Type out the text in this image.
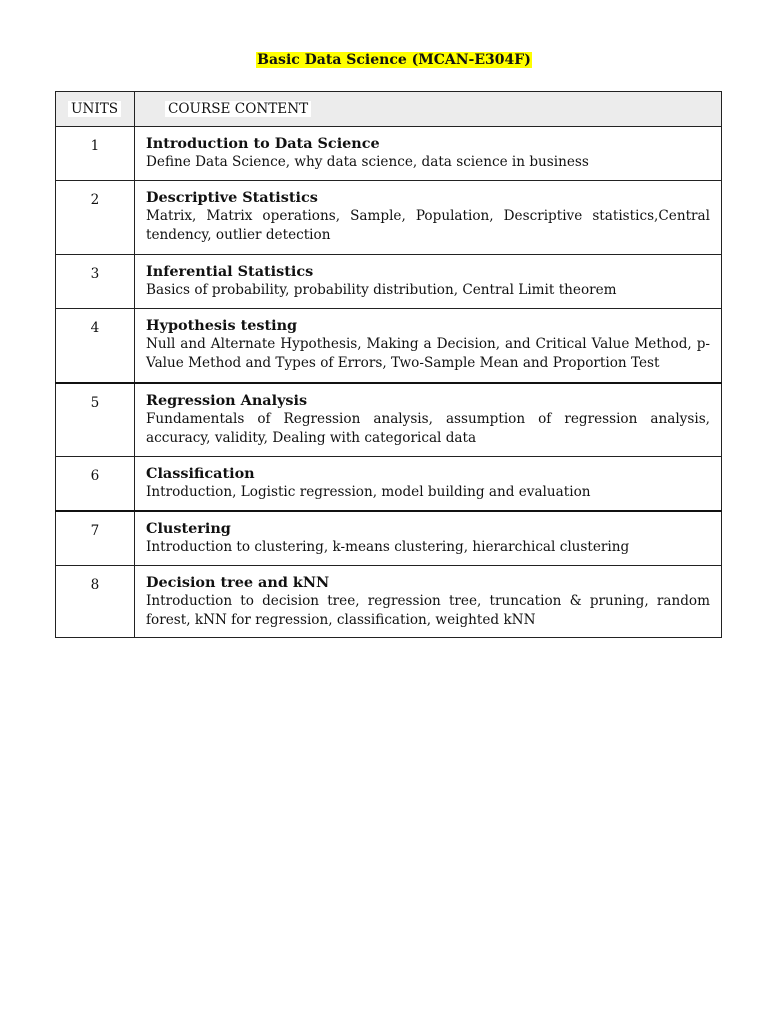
Basic Data Science (MCAN-E304F)
UNITS	COURSE CONTENT
1	Introduction to Data Science
Define Data Science, why data science, data science in business

2	Descriptive Statistics
Matrix, Matrix operations, Sample, Population, Descriptive statistics,Central tendency, outlier detection

3	Inferential Statistics
Basics of probability, probability distribution, Central Limit theorem

4	Hypothesis testing
Null and Alternate Hypothesis, Making a Decision, and Critical Value Method, p-Value Method and Types of Errors, Two-Sample Mean and Proportion Test

5	Regression Analysis
Fundamentals of Regression analysis, assumption of regression analysis, accuracy, validity, Dealing with categorical data

6	Classification
Introduction, Logistic regression, model building and evaluation

7	Clustering
Introduction to clustering, k-means clustering, hierarchical clustering

8	Decision tree and kNN
Introduction to decision tree, regression tree, truncation & pruning, random forest, kNN for regression, classification, weighted kNN
